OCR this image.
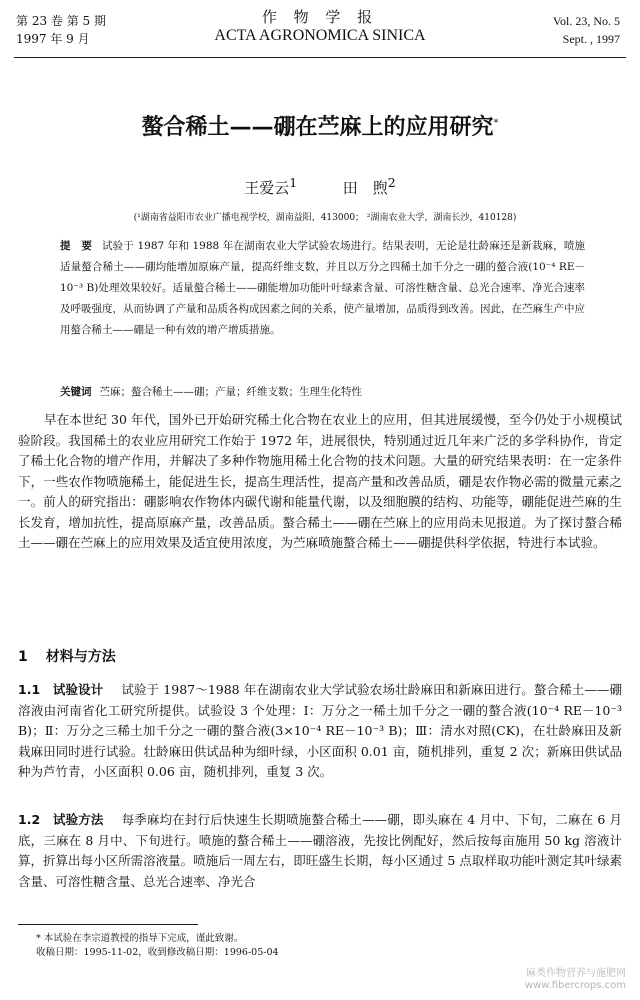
第 23 卷 第 5 期
1997 年 9 月
作 物 学 报
ACTA AGRONOMICA SINICA
Vol. 23, No. 5
Sept. , 1997
螯合稀土——硼在苎麻上的应用研究*
王爱云$^1$	田　煦$^2$
(¹湖南省益阳市农业广播电视学校，湖南益阳，413000； ²湖南农业大学，湖南长沙，410128)
提　要 试验于 1987 年和 1988 年在湖南农业大学试验农场进行。结果表明，无论是壮龄麻还是新栽麻，喷施适量螯合稀土——硼均能增加原麻产量，提高纤维支数，并且以万分之四稀土加千分之一硼的螯合液(10⁻⁴ RE－10⁻³ B)处理效果较好。适量螯合稀土——硼能增加功能叶叶绿素含量、可溶性糖含量、总光合速率、净光合速率及呼吸强度，从而协调了产量和品质各构成因素之间的关系，使产量增加，品质得到改善。因此，在苎麻生产中应用螯合稀土——硼是一种有效的增产增质措施。
关键词 苎麻；螯合稀土——硼；产量；纤维支数；生理生化特性
早在本世纪 30 年代，国外已开始研究稀土化合物在农业上的应用，但其进展缓慢，至今仍处于小规模试验阶段。我国稀土的农业应用研究工作始于 1972 年，进展很快，特别通过近几年来广泛的多学科协作，肯定了稀土化合物的增产作用，并解决了多种作物施用稀土化合物的技术问题。大量的研究结果表明：在一定条件下，一些农作物喷施稀土，能促进生长，提高生理活性，提高产量和改善品质，硼是农作物必需的微量元素之一。前人的研究指出：硼影响农作物体内碳代谢和能量代谢，以及细胞膜的结构、功能等，硼能促进苎麻的生长发育，增加抗性，提高原麻产量，改善品质。螯合稀土——硼在苎麻上的应用尚未见报道。为了探讨螯合稀土——硼在苎麻上的应用效果及适宜使用浓度，为苎麻喷施螯合稀土——硼提供科学依据，特进行本试验。
1 材料与方法
1.1　试验设计 试验于 1987～1988 年在湖南农业大学试验农场壮龄麻田和新麻田进行。螯合稀土——硼溶液由河南省化工研究所提供。试验设 3 个处理：Ⅰ：万分之一稀土加千分之一硼的螯合液(10⁻⁴ RE－10⁻³ B)；Ⅱ：万分之三稀土加千分之一硼的螯合液(3×10⁻⁴ RE－10⁻³ B)；Ⅲ：清水对照(CK)，在壮龄麻田及新栽麻田同时进行试验。壮龄麻田供试品种为细叶绿，小区面积 0.01 亩，随机排列，重复 2 次；新麻田供试品种为芦竹青，小区面积 0.06 亩，随机排列，重复 3 次。
1.2　试验方法 每季麻均在封行后快速生长期喷施螯合稀土——硼，即头麻在 4 月中、下旬，二麻在 6 月底，三麻在 8 月中、下旬进行。喷施的螯合稀土——硼溶液，先按比例配好，然后按每亩施用 50 kg 溶液计算，折算出每小区所需溶液量。喷施后一周左右，即旺盛生长期，每小区通过 5 点取样取功能叶测定其叶绿素含量、可溶性糖含量、总光合速率、净光合
* 本试验在李宗道教授的指导下完成，谨此致谢。
收稿日期：1995-11-02，收到修改稿日期：1996-05-04
麻类作物营养与施肥网
www.fibercrops.com
